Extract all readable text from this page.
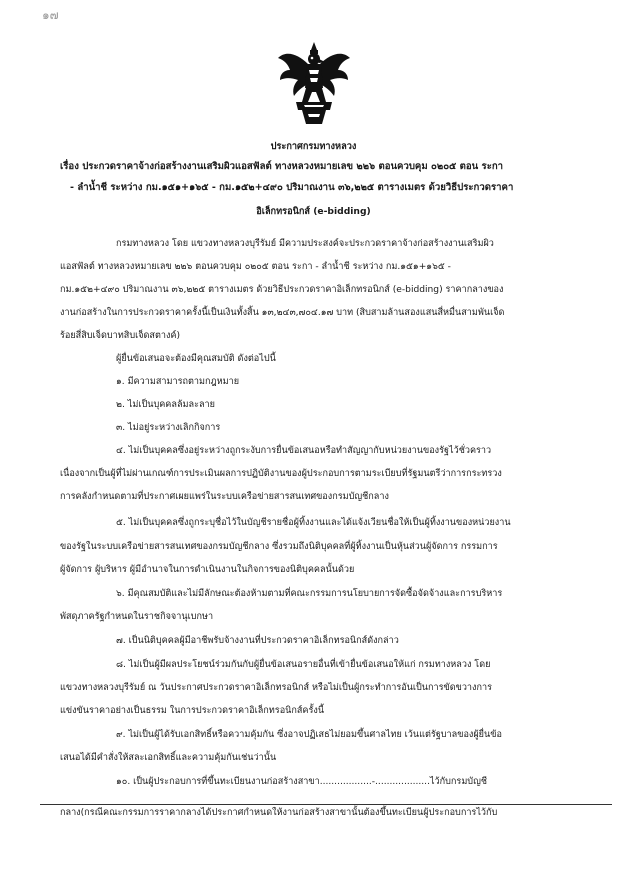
๑๗
ประกาศกรมทางหลวง
เรื่อง ประกวดราคาจ้างก่อสร้างงานเสริมผิวแอสฟัลต์ ทางหลวงหมายเลข ๒๒๖ ตอนควบคุม ๐๒๐๕ ตอน ระกา
- ลำน้ำชี ระหว่าง กม.๑๕๑+๑๖๕ - กม.๑๕๒+๔๙๐ ปริมาณงาน ๓๖,๒๒๕ ตารางเมตร ด้วยวิธีประกวดราคา
อิเล็กทรอนิกส์ (e-bidding)
กรมทางหลวง โดย แขวงทางหลวงบุรีรัมย์ มีความประสงค์จะประกวดราคาจ้างก่อสร้างงานเสริมผิว
แอสฟัลต์ ทางหลวงหมายเลข ๒๒๖ ตอนควบคุม ๐๒๐๕ ตอน ระกา - ลำน้ำชี ระหว่าง กม.๑๕๑+๑๖๕ -
กม.๑๕๒+๔๙๐ ปริมาณงาน ๓๖,๒๒๕ ตารางเมตร ด้วยวิธีประกวดราคาอิเล็กทรอนิกส์ (e-bidding) ราคากลางของ
งานก่อสร้างในการประกวดราคาครั้งนี้เป็นเงินทั้งสิ้น ๑๓,๒๔๓,๗๐๔.๑๗ บาท (สิบสามล้านสองแสนสี่หมื่นสามพันเจ็ด
ร้อยสี่สิบเจ็ดบาทสิบเจ็ดสตางค์)
ผู้ยื่นข้อเสนอจะต้องมีคุณสมบัติ ดังต่อไปนี้
๑. มีความสามารถตามกฎหมาย
๒. ไม่เป็นบุคคลล้มละลาย
๓. ไม่อยู่ระหว่างเลิกกิจการ
๔. ไม่เป็นบุคคลซึ่งอยู่ระหว่างถูกระงับการยื่นข้อเสนอหรือทำสัญญากับหน่วยงานของรัฐไว้ชั่วคราว
เนื่องจากเป็นผู้ที่ไม่ผ่านเกณฑ์การประเมินผลการปฏิบัติงานของผู้ประกอบการตามระเบียบที่รัฐมนตรีว่าการกระทรวง
การคลังกำหนดตามที่ประกาศเผยแพร่ในระบบเครือข่ายสารสนเทศของกรมบัญชีกลาง
๕. ไม่เป็นบุคคลซึ่งถูกระบุชื่อไว้ในบัญชีรายชื่อผู้ทิ้งงานและได้แจ้งเวียนชื่อให้เป็นผู้ทิ้งงานของหน่วยงาน
ของรัฐในระบบเครือข่ายสารสนเทศของกรมบัญชีกลาง ซึ่งรวมถึงนิติบุคคลที่ผู้ทิ้งงานเป็นหุ้นส่วนผู้จัดการ กรรมการ
ผู้จัดการ ผู้บริหาร ผู้มีอำนาจในการดำเนินงานในกิจการของนิติบุคคลนั้นด้วย
๖. มีคุณสมบัติและไม่มีลักษณะต้องห้ามตามที่คณะกรรมการนโยบายการจัดซื้อจัดจ้างและการบริหาร
พัสดุภาครัฐกำหนดในราชกิจจานุเบกษา
๗. เป็นนิติบุคคลผู้มีอาชีพรับจ้างงานที่ประกวดราคาอิเล็กทรอนิกส์ดังกล่าว
๘. ไม่เป็นผู้มีผลประโยชน์ร่วมกันกับผู้ยื่นข้อเสนอรายอื่นที่เข้ายื่นข้อเสนอให้แก่ กรมทางหลวง โดย
แขวงทางหลวงบุรีรัมย์ ณ วันประกาศประกวดราคาอิเล็กทรอนิกส์ หรือไม่เป็นผู้กระทำการอันเป็นการขัดขวางการ
แข่งขันราคาอย่างเป็นธรรม ในการประกวดราคาอิเล็กทรอนิกส์ครั้งนี้
๙. ไม่เป็นผู้ได้รับเอกสิทธิ์หรือความคุ้มกัน ซึ่งอาจปฏิเสธไม่ยอมขึ้นศาลไทย เว้นแต่รัฐบาลของผู้ยื่นข้อ
เสนอได้มีคำสั่งให้สละเอกสิทธิ์และความคุ้มกันเช่นว่านั้น
๑๐. เป็นผู้ประกอบการที่ขึ้นทะเบียนงานก่อสร้างสาขา..................-...................ไว้กับกรมบัญชี
กลาง(กรณีคณะกรรมการราคากลางได้ประกาศกำหนดให้งานก่อสร้างสาขานั้นต้องขึ้นทะเบียนผู้ประกอบการไว้กับ
